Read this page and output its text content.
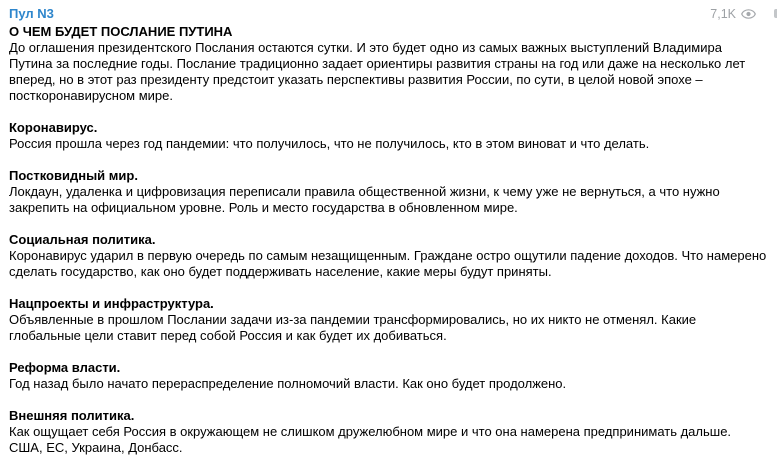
Пул N3	7,1K
О ЧЕМ БУДЕТ ПОСЛАНИЕ ПУТИНА

До оглашения президентского Послания остаются сутки. И это будет одно из самых важных выступлений Владимира Путина за последние годы. Послание традиционно задает ориентиры развития страны на год или даже на несколько лет вперед, но в этот раз президенту предстоит указать перспективы развития России, по сути, в целой новой эпохе – посткоронавирусном мире.

Коронавирус.

Россия прошла через год пандемии: что получилось, что не получилось, кто в этом виноват и что делать.

Постковидный мир.

Локдаун, удаленка и цифровизация переписали правила общественной жизни, к чему уже не вернуться, а что нужно закрепить на официальном уровне. Роль и место государства в обновленном мире.

Социальная политика.

Коронавирус ударил в первую очередь по самым незащищенным. Граждане остро ощутили падение доходов. Что намерено сделать государство, как оно будет поддерживать население, какие меры будут приняты.

Нацпроекты и инфраструктура.

Объявленные в прошлом Послании задачи из-за пандемии трансформировались, но их никто не отменял. Какие глобальные цели ставит перед собой Россия и как будет их добиваться.

Реформа власти.

Год назад было начато перераспределение полномочий власти. Как оно будет продолжено.

Внешняя политика.

Как ощущает себя Россия в окружающем не слишком дружелюбном мире и что она намерена предпринимать дальше. США, ЕС, Украина, Донбасс.
